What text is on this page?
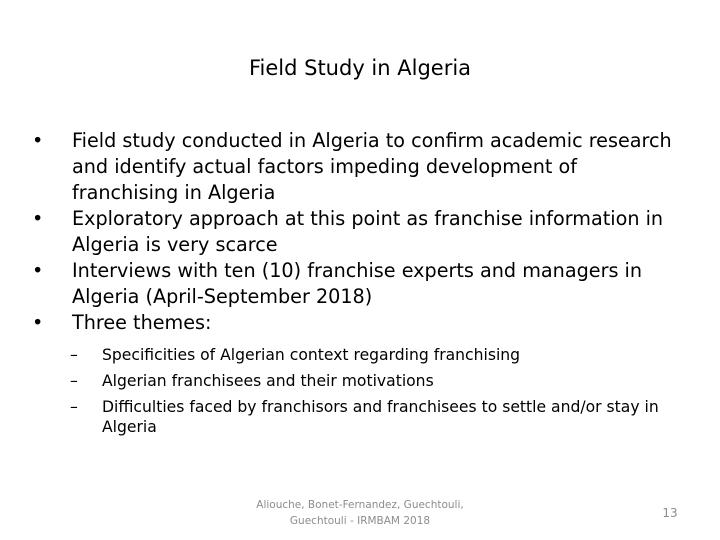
Field Study in Algeria
•	Field study conducted in Algeria to confirm academic research
and identify actual factors impeding development of
franchising in Algeria
•	Exploratory approach at this point as franchise information in
Algeria is very scarce
•	Interviews with ten (10) franchise experts and managers in
Algeria (April-September 2018)
•	Three themes:
–	Specificities of Algerian context regarding franchising
–	Algerian franchisees and their motivations
–	Difficulties faced by franchisors and franchisees to settle and/or stay in
Algeria
Aliouche, Bonet-Fernandez, Guechtouli,
Guechtouli - IRMBAM 2018
13
